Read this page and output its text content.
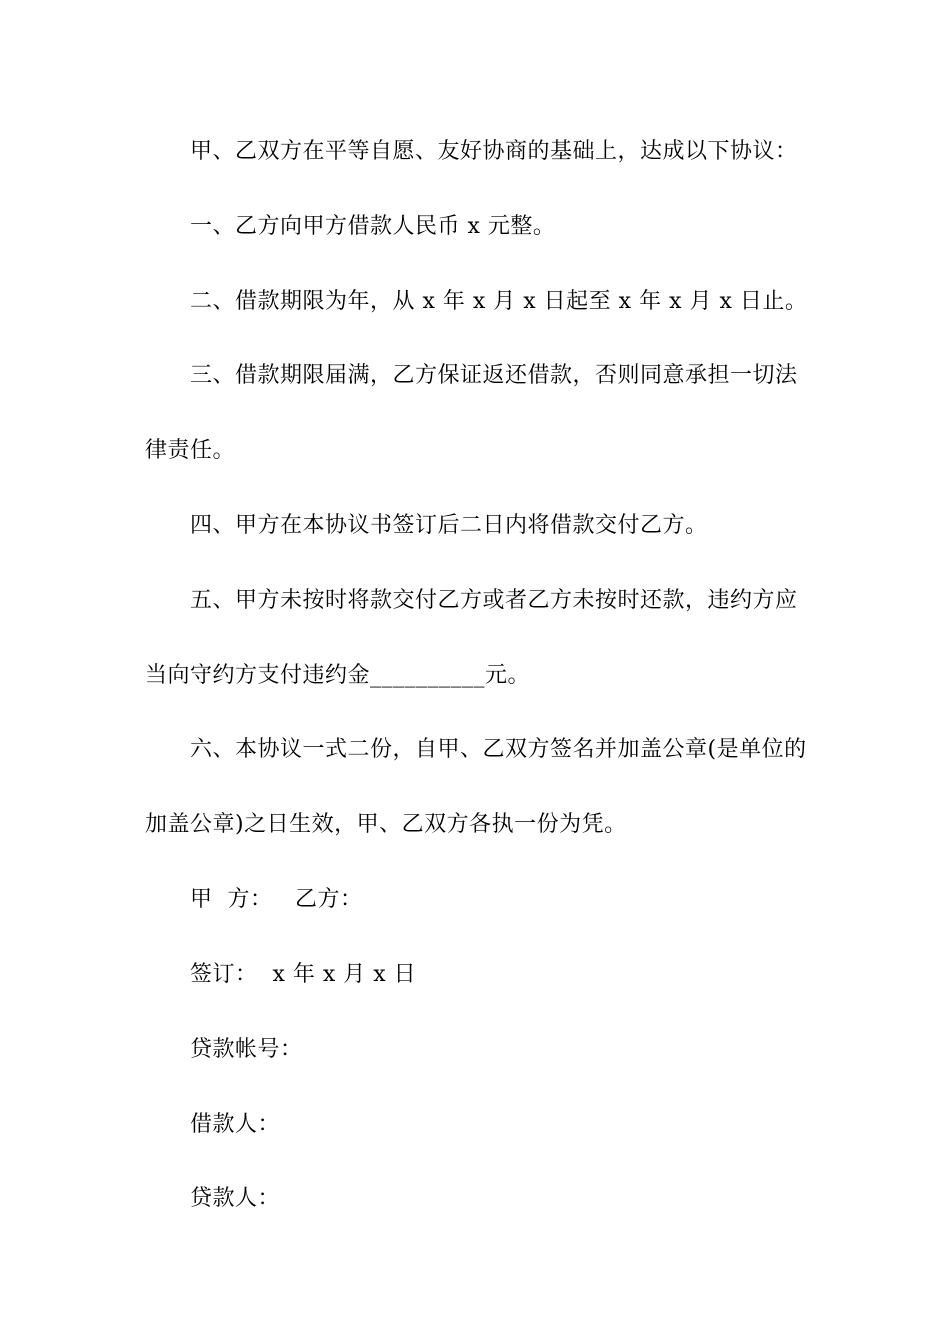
甲、乙双方在平等自愿、友好协商的基础上，达成以下协议：
一、乙方向甲方借款人民币 x 元整。
二、借款期限为年，从 x 年 x 月 x 日起至 x 年 x 月 x 日止。
三、借款期限届满，乙方保证返还借款，否则同意承担一切法
律责任。
四、甲方在本协议书签订后二日内将借款交付乙方。
五、甲方未按时将款交付乙方或者乙方未按时还款，违约方应
当向守约方支付违约金__________元。
六、本协议一式二份，自甲、乙双方签名并加盖公章(是单位的
加盖公章)之日生效，甲、乙双方各执一份为凭。
甲  方：   乙方：
签订：  x 年 x 月 x 日
贷款帐号：
借款人：
贷款人：
